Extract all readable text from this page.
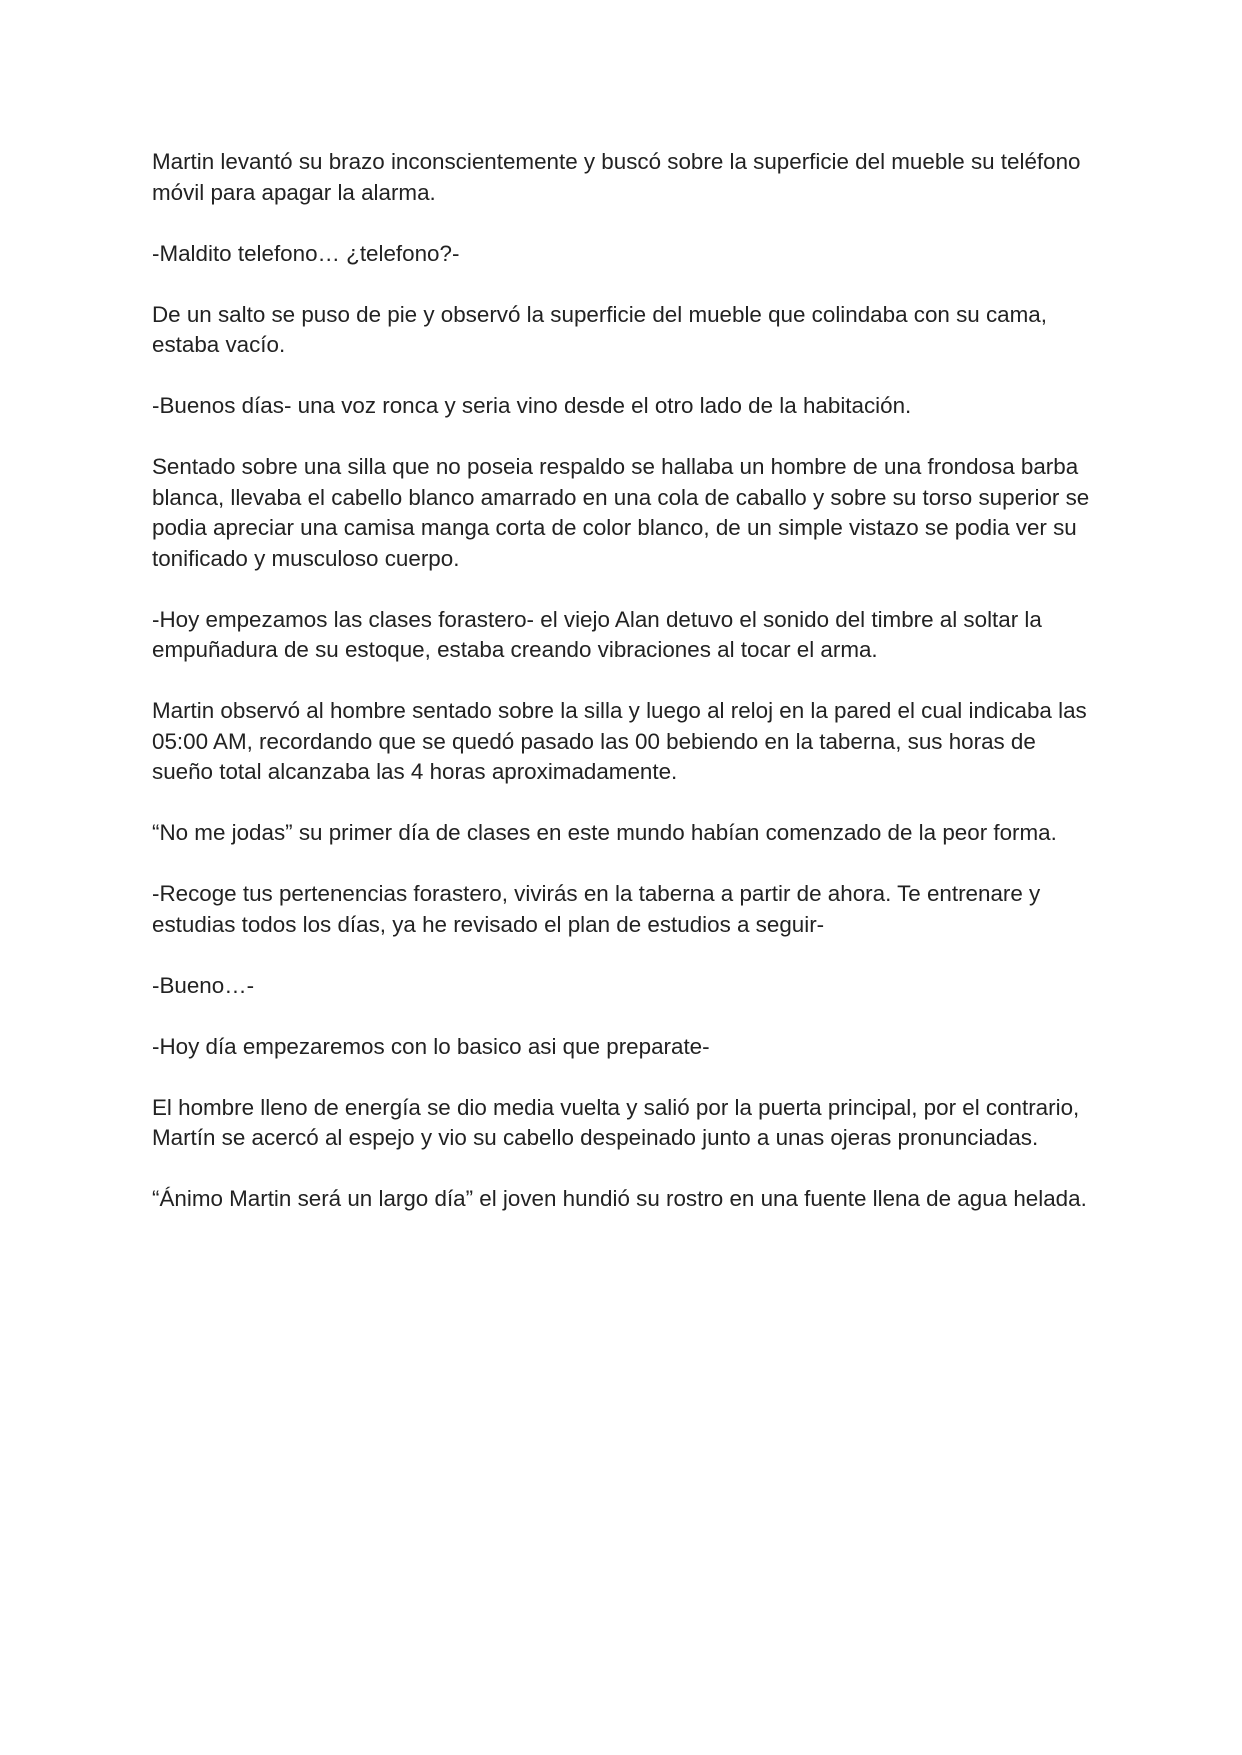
Martin levantó su brazo inconscientemente y buscó sobre la superficie del mueble su teléfono móvil para apagar la alarma.

-Maldito telefono… ¿telefono?-

De un salto se puso de pie y observó la superficie del mueble que colindaba con su cama, estaba vacío.

-Buenos días- una voz ronca y seria vino desde el otro lado de la habitación.

Sentado sobre una silla que no poseia respaldo se hallaba un hombre de una frondosa barba blanca, llevaba el cabello blanco amarrado en una cola de caballo y sobre su torso superior se podia apreciar una camisa manga corta de color blanco, de un simple vistazo se podia ver su tonificado y musculoso cuerpo.

-Hoy empezamos las clases forastero- el viejo Alan detuvo el sonido del timbre al soltar la empuñadura de su estoque, estaba creando vibraciones al tocar el arma.

Martin observó al hombre sentado sobre la silla y luego al reloj en la pared el cual indicaba las 05:00 AM, recordando que se quedó pasado las 00 bebiendo en la taberna, sus horas de sueño total alcanzaba las 4 horas aproximadamente.

“No me jodas” su primer día de clases en este mundo habían comenzado de la peor forma.

-Recoge tus pertenencias forastero, vivirás en la taberna a partir de ahora. Te entrenare y estudias todos los días, ya he revisado el plan de estudios a seguir-

-Bueno…-

-Hoy día empezaremos con lo basico asi que preparate-

El hombre lleno de energía se dio media vuelta y salió por la puerta principal, por el contrario, Martín se acercó al espejo y vio su cabello despeinado junto a unas ojeras pronunciadas.

“Ánimo Martin será un largo día” el joven hundió su rostro en una fuente llena de agua helada.
